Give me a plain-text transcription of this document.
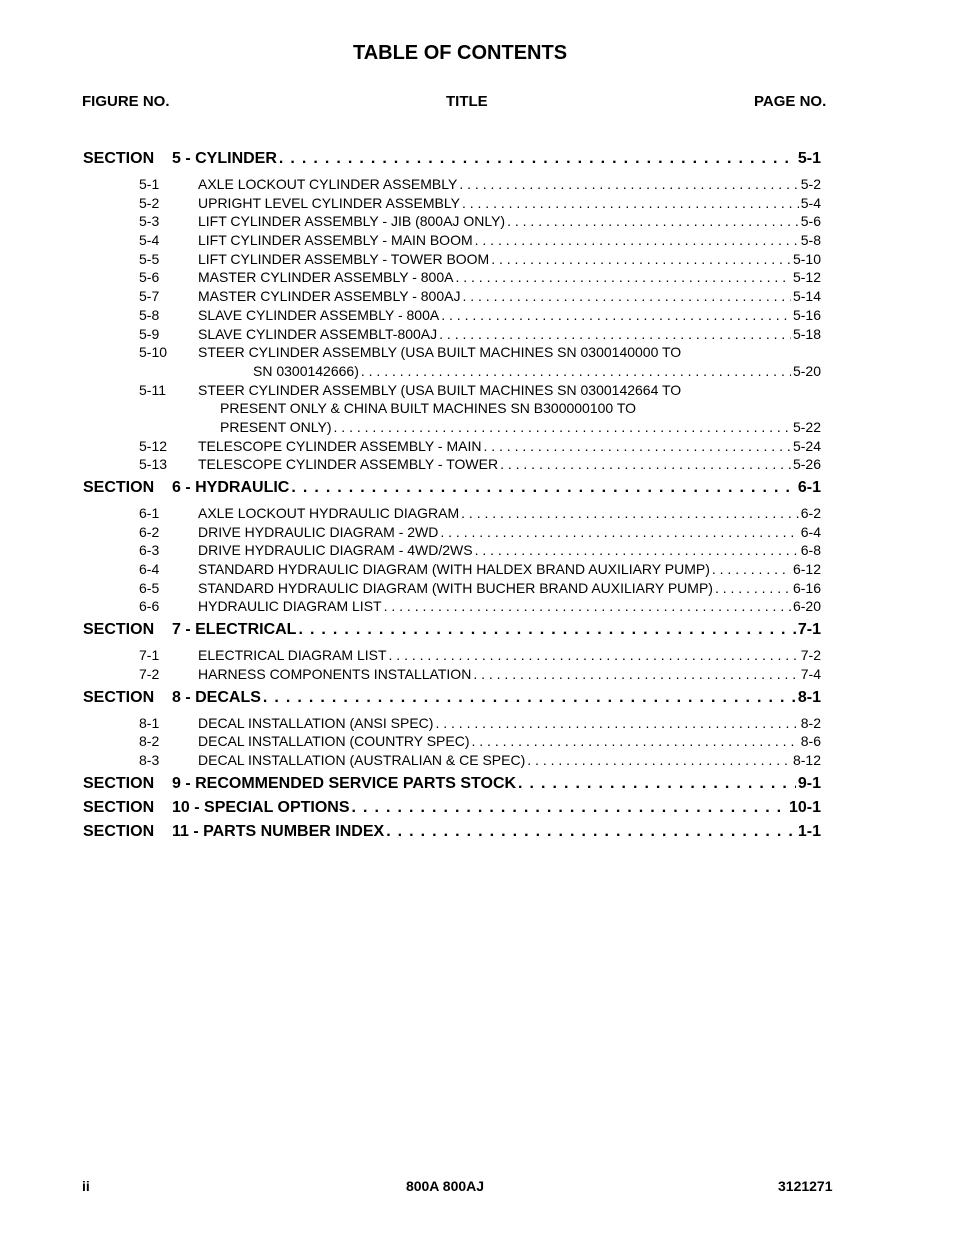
TABLE OF CONTENTS
FIGURE NO.	TITLE	PAGE NO.
SECTION	5 - CYLINDER . . .	5-1
5-1	AXLE LOCKOUT CYLINDER ASSEMBLY . . .	5-2
5-2	UPRIGHT LEVEL CYLINDER ASSEMBLY . . .	5-4
5-3	LIFT CYLINDER ASSEMBLY - JIB (800AJ ONLY) . . .	5-6
5-4	LIFT CYLINDER ASSEMBLY - MAIN BOOM . . .	5-8
5-5	LIFT CYLINDER ASSEMBLY - TOWER BOOM . . .	5-10
5-6	MASTER CYLINDER ASSEMBLY - 800A . . .	5-12
5-7	MASTER CYLINDER ASSEMBLY - 800AJ . . .	5-14
5-8	SLAVE CYLINDER ASSEMBLY - 800A . . .	5-16
5-9	SLAVE CYLINDER ASSEMBLT-800AJ . . .	5-18
5-10	STEER CYLINDER ASSEMBLY (USA BUILT MACHINES SN 0300140000 TO
SN 0300142666) . . .	5-20
5-11	STEER CYLINDER ASSEMBLY (USA BUILT MACHINES SN 0300142664 TO
PRESENT ONLY & CHINA BUILT MACHINES SN B300000100 TO
PRESENT ONLY) . . .	5-22
5-12	TELESCOPE CYLINDER ASSEMBLY - MAIN . . .	5-24
5-13	TELESCOPE CYLINDER ASSEMBLY - TOWER . . .	5-26
SECTION	6 - HYDRAULIC . . .	6-1
6-1	AXLE LOCKOUT HYDRAULIC DIAGRAM . . .	6-2
6-2	DRIVE HYDRAULIC DIAGRAM - 2WD . . .	6-4
6-3	DRIVE HYDRAULIC DIAGRAM - 4WD/2WS . . .	6-8
6-4	STANDARD HYDRAULIC DIAGRAM (WITH HALDEX BRAND AUXILIARY PUMP) . . .	6-12
6-5	STANDARD HYDRAULIC DIAGRAM (WITH BUCHER BRAND AUXILIARY PUMP) . . .	6-16
6-6	HYDRAULIC DIAGRAM LIST . . .	6-20
SECTION	7 - ELECTRICAL . . .	7-1
7-1	ELECTRICAL DIAGRAM LIST . . .	7-2
7-2	HARNESS COMPONENTS INSTALLATION . . .	7-4
SECTION	8 - DECALS . . .	8-1
8-1	DECAL INSTALLATION (ANSI SPEC) . . .	8-2
8-2	DECAL INSTALLATION (COUNTRY SPEC) . . .	8-6
8-3	DECAL INSTALLATION (AUSTRALIAN & CE SPEC) . . .	8-12
SECTION	9 - RECOMMENDED SERVICE PARTS STOCK . . .	9-1
SECTION	10 - SPECIAL OPTIONS . . .	10-1
SECTION	11 - PARTS NUMBER INDEX . . .	1-1
ii	800A 800AJ	3121271
